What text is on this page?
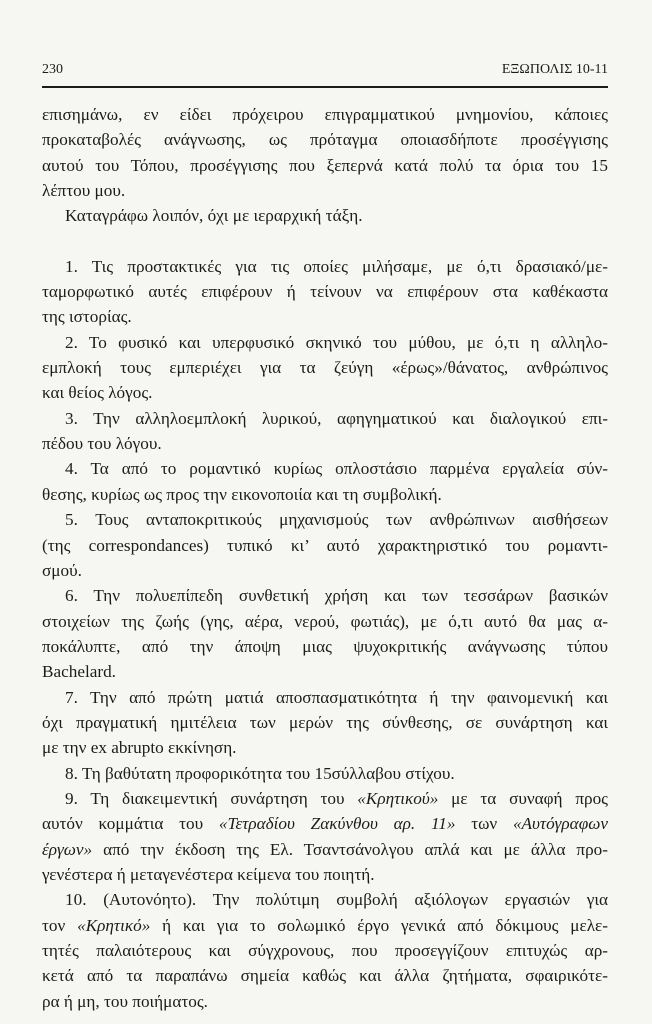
230	ΕΞΩΠΟΛΙΣ 10-11
επισημάνω, εν είδει πρόχειρου επιγραμματικού μνημονίου, κάποιες
προκαταβολές ανάγνωσης, ως πρόταγμα οποιασδήποτε προσέγγισης
αυτού του Τόπου, προσέγγισης που ξεπερνά κατά πολύ τα όρια του 15
λέπτου μου.
Καταγράφω λοιπόν, όχι με ιεραρχική τάξη.
1. Τις προστακτικές για τις οποίες μιλήσαμε, με ό,τι δρασιακό/με-
ταμορφωτικό αυτές επιφέρουν ή τείνουν να επιφέρουν στα καθέκαστα
της ιστορίας.
2. Το φυσικό και υπερφυσικό σκηνικό του μύθου, με ό,τι η αλληλο-
εμπλοκή τους εμπεριέχει για τα ζεύγη «έρως»/θάνατος, ανθρώπινος
και θείος λόγος.
3. Την αλληλοεμπλοκή λυρικού, αφηγηματικού και διαλογικού επι-
πέδου του λόγου.
4. Τα από το ρομαντικό κυρίως οπλοστάσιο παρμένα εργαλεία σύν-
θεσης, κυρίως ως προς την εικονοποιία και τη συμβολική.
5. Τους ανταποκριτικούς μηχανισμούς των ανθρώπινων αισθήσεων
(της correspondances) τυπικό κι’ αυτό χαρακτηριστικό του ρομαντι-
σμού.
6. Την πολυεπίπεδη συνθετική χρήση και των τεσσάρων βασικών
στοιχείων της ζωής (γης, αέρα, νερού, φωτιάς), με ό,τι αυτό θα μας α-
ποκάλυπτε, από την άποψη μιας ψυχοκριτικής ανάγνωσης τύπου
Bachelard.
7. Την από πρώτη ματιά αποσπασματικότητα ή την φαινομενική και
όχι πραγματική ημιτέλεια των μερών της σύνθεσης, σε συνάρτηση και
με την ex abrupto εκκίνηση.
8. Τη βαθύτατη προφορικότητα του 15σύλλαβου στίχου.
9. Τη διακειμεντική συνάρτηση του «Κρητικού» με τα συναφή προς
αυτόν κομμάτια του «Τετραδίου Ζακύνθου αρ. 11» των «Αυτόγραφων
έργων» από την έκδοση της Ελ. Τσαντσάνολγου απλά και με άλλα προ-
γενέστερα ή μεταγενέστερα κείμενα του ποιητή.
10. (Αυτονόητο). Την πολύτιμη συμβολή αξιόλογων εργασιών για
τον «Κρητικό» ή και για το σολωμικό έργο γενικά από δόκιμους μελε-
τητές παλαιότερους και σύγχρονους, που προσεγγίζουν επιτυχώς αρ-
κετά από τα παραπάνω σημεία καθώς και άλλα ζητήματα, σφαιρικότε-
ρα ή μη, του ποιήματος.
